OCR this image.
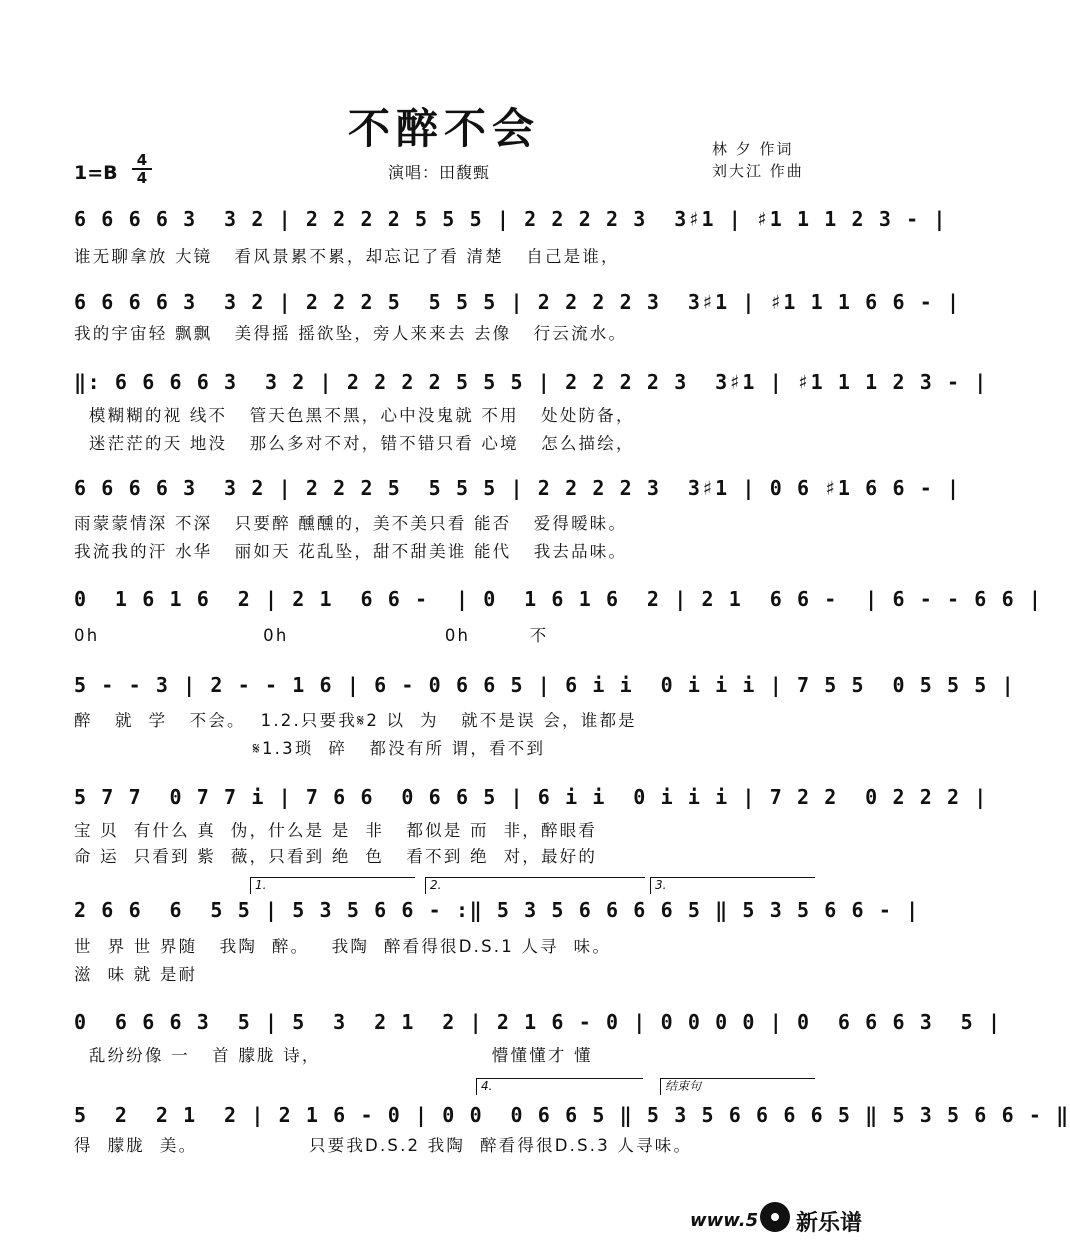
不醉不会	林 夕 作词
刘大江 作曲
1=B
4
4	演唱：田馥甄
6 6 6 6 3  3 2 | 2 2 2 2 5 5 5 | 2 2 2 2 3  3♯1 | ♯1 1 1 2 3 - |
谁无聊拿放 大镜   看风景累不累，却忘记了看 清楚   自己是谁，
6 6 6 6 3  3 2 | 2 2 2 5  5 5 5 | 2 2 2 2 3  3♯1 | ♯1 1 1 6 6 - |
我的宇宙轻 飘飘   美得摇 摇欲坠，旁人来来去 去像   行云流水。
‖: 6 6 6 6 3  3 2 | 2 2 2 2 5 5 5 | 2 2 2 2 3  3♯1 | ♯1 1 1 2 3 - |
模糊糊的视 线不   管天色黑不黑，心中没鬼就 不用   处处防备，
迷茫茫的天 地没   那么多对不对，错不错只看 心境   怎么描绘，
6 6 6 6 3  3 2 | 2 2 2 5  5 5 5 | 2 2 2 2 3  3♯1 | 0 6 ♯1 6 6 - |
雨蒙蒙情深 不深   只要醉 醺醺的，美不美只看 能否   爱得暧昧。
我流我的汗 水华   丽如天 花乱坠，甜不甜美谁 能代   我去品味。
0  1 6 1 6  2 | 2 1  6 6 -  | 0  1 6 1 6  2 | 2 1  6 6 -  | 6 - - 6 6 |
0h                      0h                     0h        不
5 - - 3 | 2 - - 1 6 | 6 - 0 6 6 5 | 6 i i  0 i i i | 7 5 5  0 5 5 5 |
醉   就  学   不会。  1.2.只要我𝄋2 以  为   就不是误 会，谁都是
𝄋1.3琐  碎   都没有所 谓，看不到
5 7 7  0 7 7 i | 7 6 6  0 6 6 5 | 6 i i  0 i i i | 7 2 2  0 2 2 2 |
宝 贝  有什么 真  伪，什么是 是  非   都似是 而  非，醉眼看
命 运  只看到 紫  薇，只看到 绝  色   看不到 绝  对，最好的
1.	2.	3.
2 6 6  6  5 5 | 5 3 5 6 6 - :‖ 5 3 5 6 6 6 6 5 ‖ 5 3 5 6 6 - |
世  界 世 界随   我陶  醉。   我陶  醉看得很D.S.1 人寻  味。
滋  味 就 是耐
0  6 6 6 3  5 | 5  3  2 1  2 | 2 1 6 - 0 | 0 0 0 0 | 0  6 6 6 3  5 |
乱纷纷像 一   首 朦胧 诗，                       懵懂懂才 懂
4.	结束句
5  2  2 1  2 | 2 1 6 - 0 | 0 0  0 6 6 5 ‖ 5 3 5 6 6 6 6 5 ‖ 5 3 5 6 6 - ‖
得  朦胧  美。               只要我D.S.2 我陶  醉看得很D.S.3 人寻味。
www.5 新乐谱
